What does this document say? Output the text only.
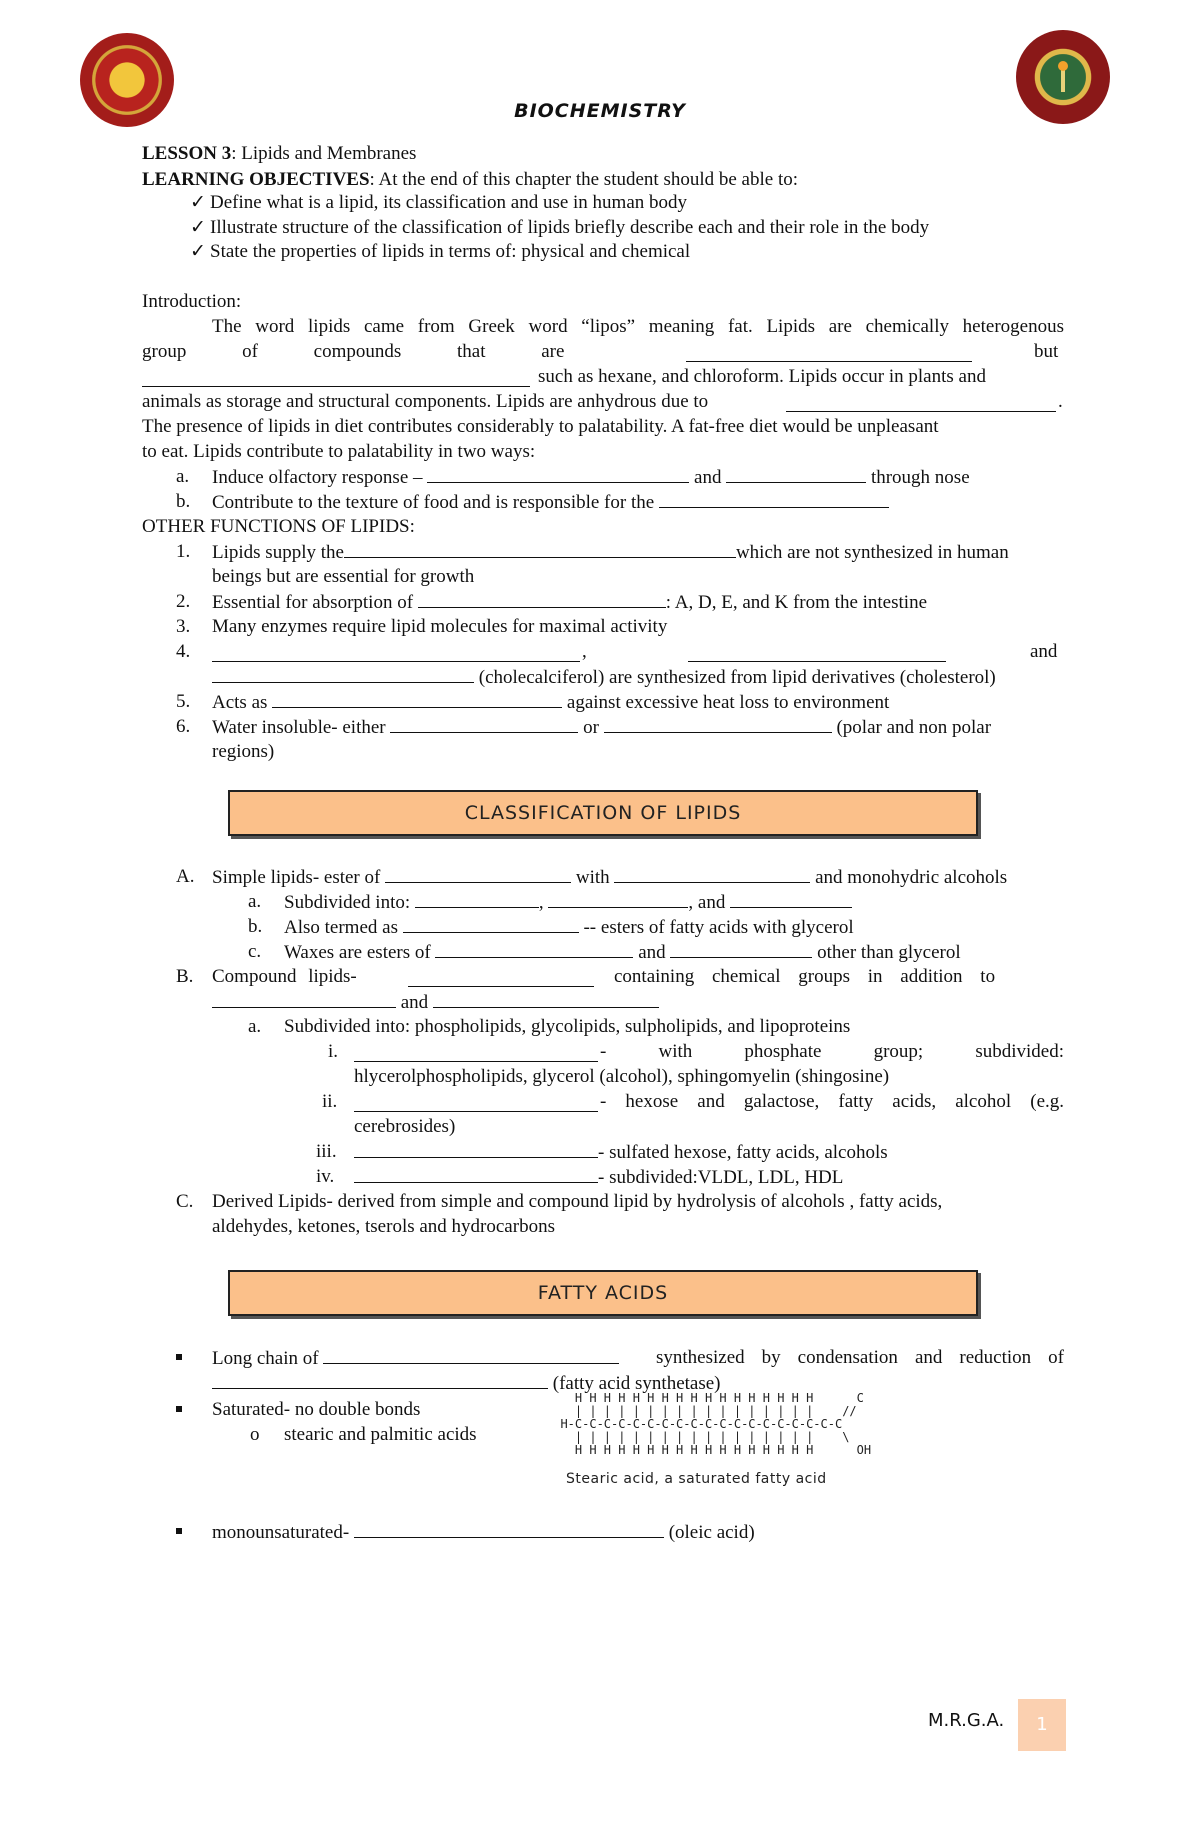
BIOCHEMISTRY
LESSON 3: Lipids and Membranes
LEARNING OBJECTIVES: At the end of this chapter the student should be able to:
✓ Define what is a lipid, its classification and use in human body
✓ Illustrate structure of the classification of lipids briefly describe each and their role in the body
✓ State the properties of lipids in terms of: physical and chemical
Introduction:
The word lipids came from Greek word “lipos” meaning fat. Lipids are chemically heterogenous
group of compounds that are	but
such as hexane, and chloroform. Lipids occur in plants and
animals as storage and structural components. Lipids are anhydrous due to	.
The presence of lipids in diet contributes considerably to palatability. A fat-free diet would be unpleasant
to eat. Lipids contribute to palatability in two ways:
a. Induce olfactory response –	and	through nose
b. Contribute to the texture of food and is responsible for the
OTHER FUNCTIONS OF LIPIDS:
1. Lipids supply the	which are not synthesized in human
beings but are essential for growth
2. Essential for absorption of	: A, D, E, and K from the intestine
3. Many enzymes require lipid molecules for maximal activity
4.	,	and
(cholecalciferol) are synthesized from lipid derivatives (cholesterol)
5. Acts as	against excessive heat loss to environment
6. Water insoluble- either	or	(polar and non polar
regions)
CLASSIFICATION OF LIPIDS
A. Simple lipids- ester of	with	and monohydric alcohols
a. Subdivided into:	,	, and
b. Also termed as	-- esters of fatty acids with glycerol
c. Waxes are esters of	and	other than glycerol
B. Compound lipids-	containing chemical groups in addition to
and
a. Subdivided into: phospholipids, glycolipids, sulpholipids, and lipoproteins
i.	- with phosphate group; subdivided:
hlycerolphospholipids, glycerol (alcohol), sphingomyelin (shingosine)
ii.	- hexose and galactose, fatty acids, alcohol (e.g.
cerebrosides)
iii.	- sulfated hexose, fatty acids, alcohols
iv.	- subdivided:VLDL, LDL, HDL
C. Derived Lipids- derived from simple and compound lipid by hydrolysis of alcohols , fatty acids,
aldehydes, ketones, tserols and hydrocarbons
FATTY ACIDS
Long chain of	synthesized by condensation and reduction of
(fatty acid synthetase)
Saturated- no double bonds
o stearic and palmitic acids
H H H H H H H H H H H H H H H H H      C
| | | | | | | | | | | | | | | | |    //
H-C-C-C-C-C-C-C-C-C-C-C-C-C-C-C-C-C-C-C
| | | | | | | | | | | | | | | | |    \
H H H H H H H H H H H H H H H H H      OH
Stearic acid, a saturated fatty acid
monounsaturated-	(oleic acid)
M.R.G.A.	1
